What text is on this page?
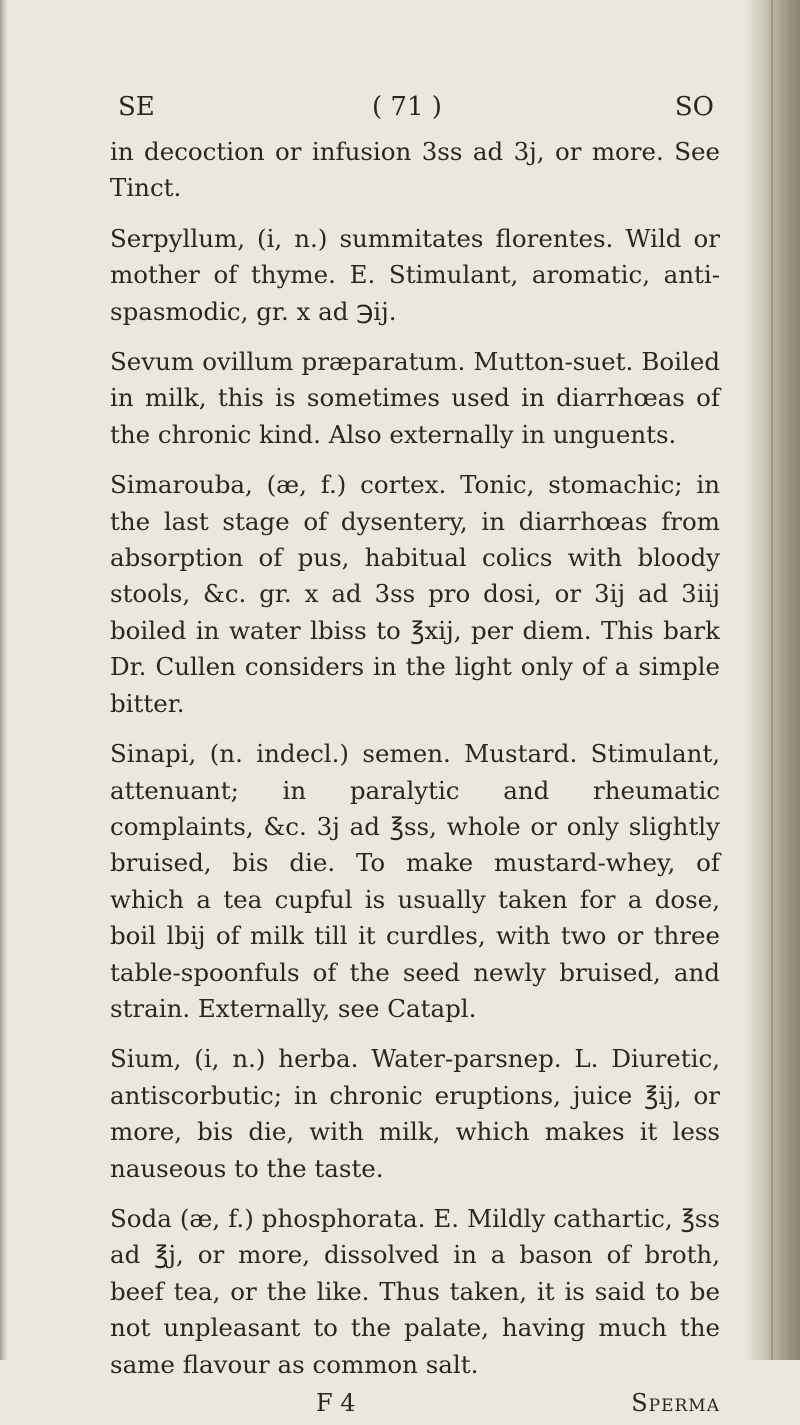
SE	( 71 )	SO

in decoction or infusion 3ss ad 3j, or more. See Tinct.

Serpyllum, (i, n.) summitates florentes. Wild or mother of thyme. E. Stimulant, aromatic, anti-spasmodic, gr. x ad ℈ij.

Sevum ovillum præparatum. Mutton-suet. Boiled in milk, this is sometimes used in diarrhœas of the chronic kind. Also externally in unguents.

Simarouba, (æ, f.) cortex. Tonic, stomachic; in the last stage of dysentery, in diarrhœas from absorption of pus, habitual colics with bloody stools, &c. gr. x ad 3ss pro dosi, or 3ij ad 3iij boiled in water lbiss to ℥xij, per diem. This bark Dr. Cullen considers in the light only of a simple bitter.

Sinapi, (n. indecl.) semen. Mustard. Stimulant, attenuant; in paralytic and rheumatic complaints, &c. 3j ad ℥ss, whole or only slightly bruised, bis die. To make mustard-whey, of which a tea cupful is usually taken for a dose, boil lbij of milk till it curdles, with two or three table-spoonfuls of the seed newly bruised, and strain. Externally, see Catapl.

Sium, (i, n.) herba. Water-parsnep. L. Diuretic, antiscorbutic; in chronic eruptions, juice ℥ij, or more, bis die, with milk, which makes it less nauseous to the taste.

Soda (æ, f.) phosphorata. E. Mildly cathartic, ℥ss ad ℥j, or more, dissolved in a bason of broth, beef tea, or the like. Thus taken, it is said to be not unpleasant to the palate, having much the same flavour as common salt.

F 4	Sperma
